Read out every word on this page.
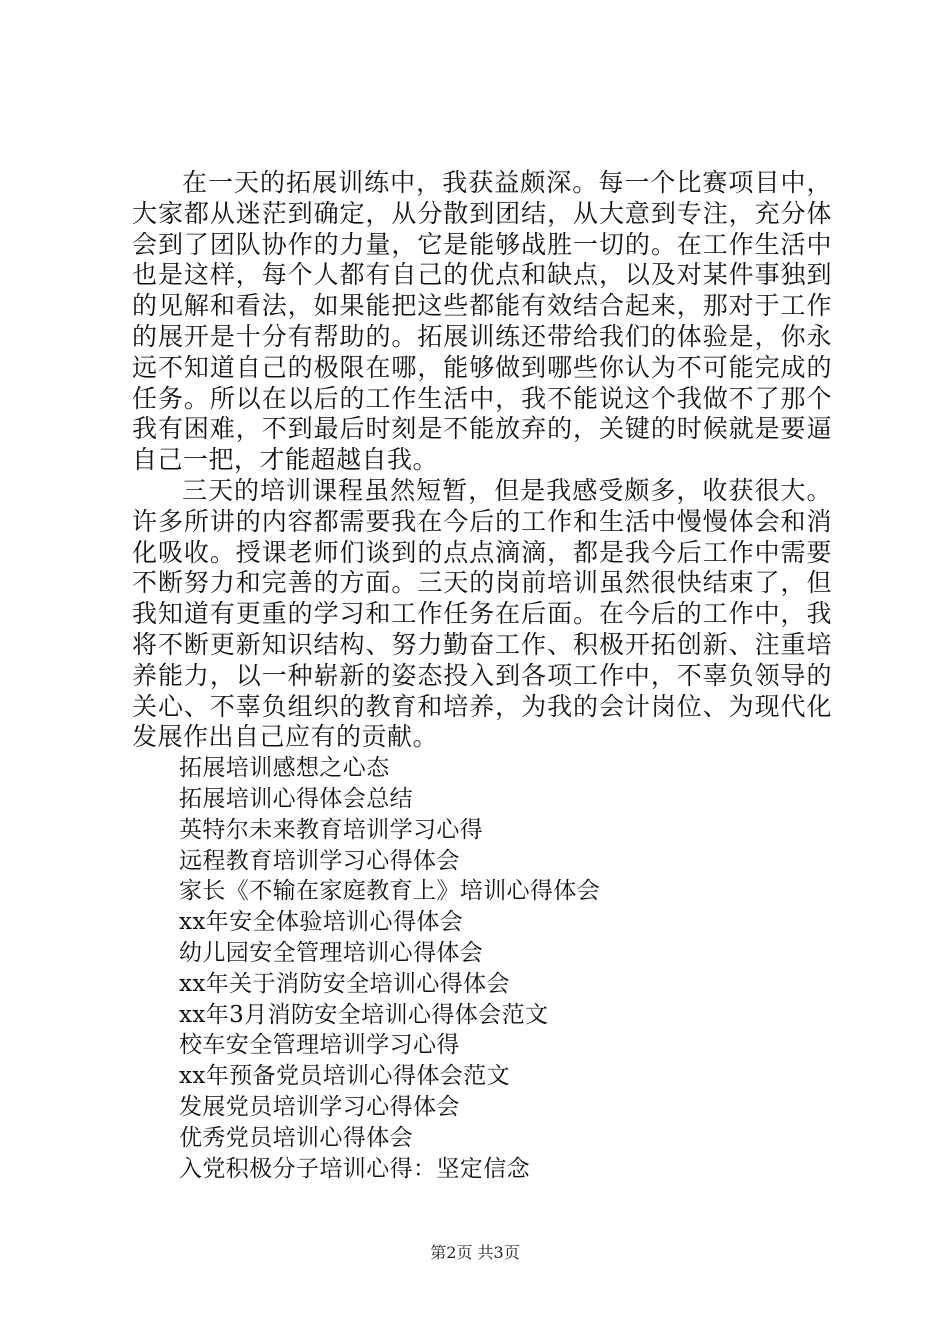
在一天的拓展训练中，我获益颇深。每一个比赛项目中，大家都从迷茫到确定，从分散到团结，从大意到专注，充分体会到了团队协作的力量，它是能够战胜一切的。在工作生活中也是这样，每个人都有自己的优点和缺点，以及对某件事独到的见解和看法，如果能把这些都能有效结合起来，那对于工作的展开是十分有帮助的。拓展训练还带给我们的体验是，你永远不知道自己的极限在哪，能够做到哪些你认为不可能完成的任务。所以在以后的工作生活中，我不能说这个我做不了那个我有困难，不到最后时刻是不能放弃的，关键的时候就是要逼自己一把，才能超越自我。

三天的培训课程虽然短暂，但是我感受颇多，收获很大。许多所讲的内容都需要我在今后的工作和生活中慢慢体会和消化吸收。授课老师们谈到的点点滴滴，都是我今后工作中需要不断努力和完善的方面。三天的岗前培训虽然很快结束了，但我知道有更重的学习和工作任务在后面。在今后的工作中，我将不断更新知识结构、努力勤奋工作、积极开拓创新、注重培养能力，以一种崭新的姿态投入到各项工作中，不辜负领导的关心、不辜负组织的教育和培养，为我的会计岗位、为现代化发展作出自己应有的贡献。

拓展培训感想之心态
拓展培训心得体会总结
英特尔未来教育培训学习心得
远程教育培训学习心得体会
家长《不输在家庭教育上》培训心得体会
xx年安全体验培训心得体会
幼儿园安全管理培训心得体会
xx年关于消防安全培训心得体会
xx年3月消防安全培训心得体会范文
校车安全管理培训学习心得
xx年预备党员培训心得体会范文
发展党员培训学习心得体会
优秀党员培训心得体会
入党积极分子培训心得：坚定信念
第2页 共3页
